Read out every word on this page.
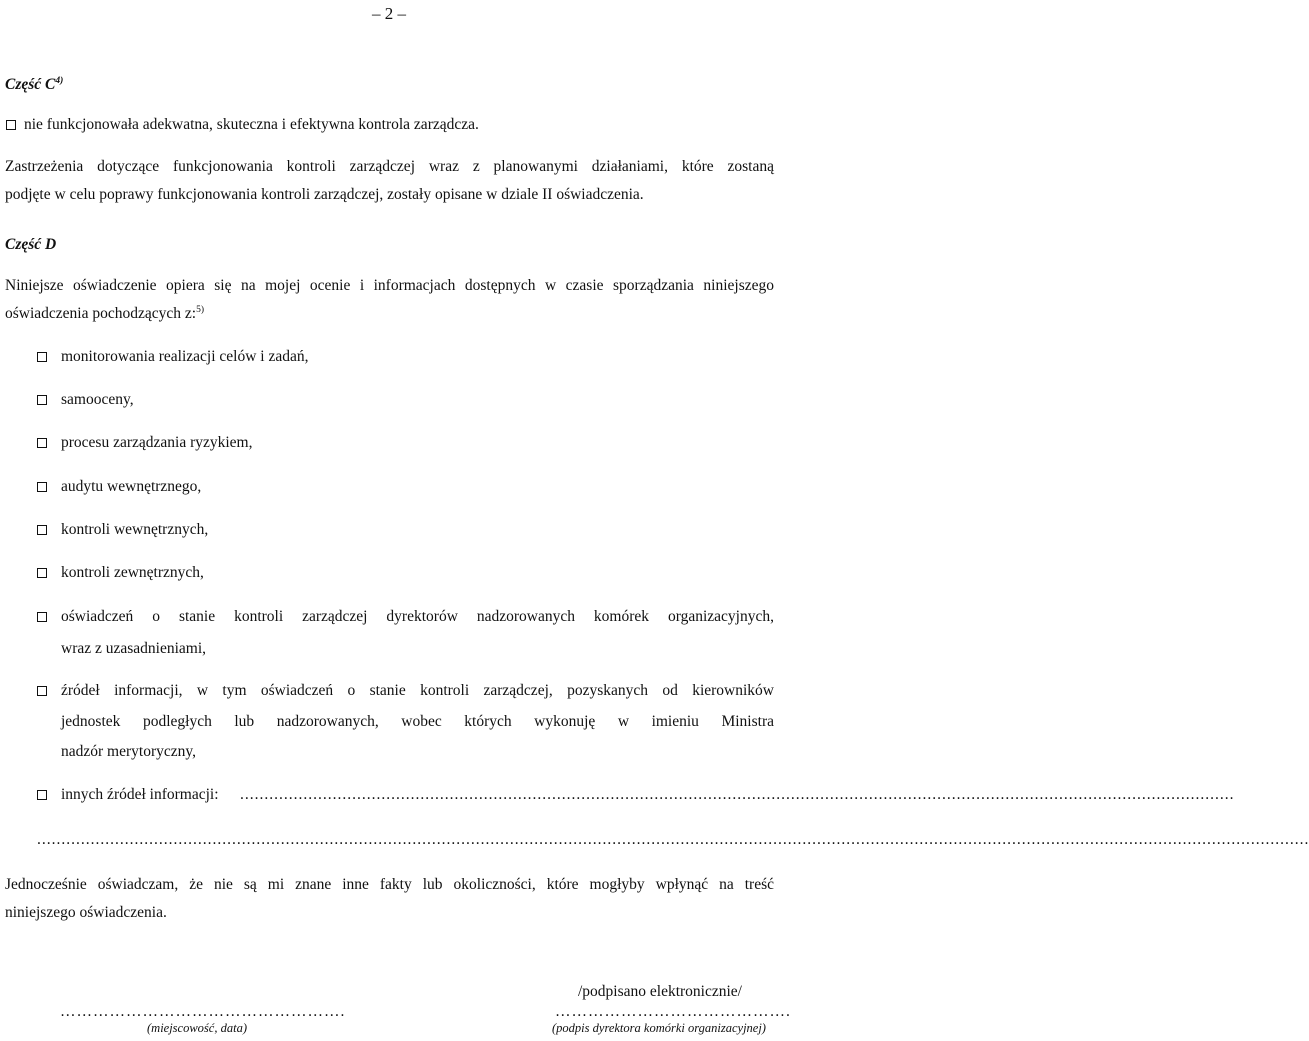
– 2 –
Część $C^{4)}$
nie funkcjonowała adekwatna, skuteczna i efektywna kontrola zarządcza.
Zastrzeżenia dotyczące funkcjonowania kontroli zarządczej wraz z planowanymi działaniami, które zostaną
podjęte w celu poprawy funkcjonowania kontroli zarządczej, zostały opisane w dziale II oświadczenia.
Część D
Niniejsze oświadczenie opiera się na mojej ocenie i informacjach dostępnych w czasie sporządzania niniejszego
oświadczenia pochodzących z:$^{5)}$
monitorowania realizacji celów i zadań,
samooceny,
procesu zarządzania ryzykiem,
audytu wewnętrznego,
kontroli wewnętrznych,
kontroli zewnętrznych,
oświadczeń o stanie kontroli zarządczej dyrektorów nadzorowanych komórek organizacyjnych,
wraz z uzasadnieniami,
źródeł informacji, w tym oświadczeń o stanie kontroli zarządczej, pozyskanych od kierowników
jednostek podległych lub nadzorowanych, wobec których wykonuję w imieniu Ministra
nadzór merytoryczny,
innych źródeł informacji: ............................................................................................................................................................................................................
.....................................................................................................................................................................................................................................................................
Jednocześnie oświadczam, że nie są mi znane inne fakty lub okoliczności, które mogłyby wpłynąć na treść
niniejszego oświadczenia.
/podpisano elektronicznie/
…………………………………………….
(miejscowość, data)
…………………………………….
(podpis dyrektora komórki organizacyjnej)
